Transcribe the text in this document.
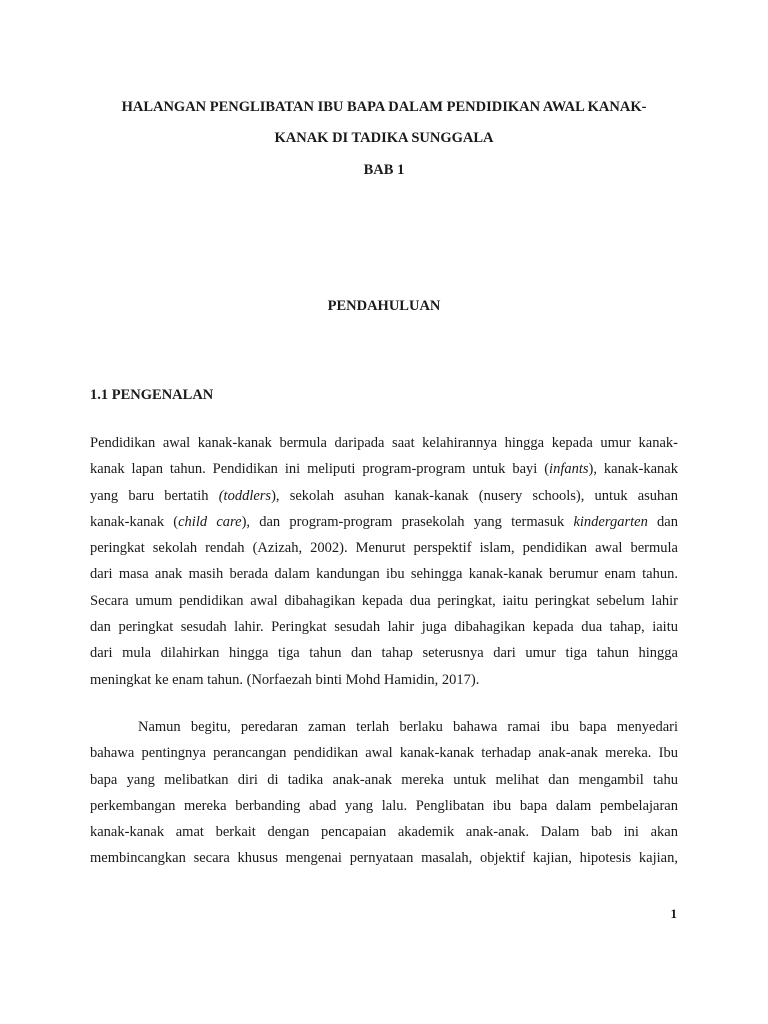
HALANGAN PENGLIBATAN IBU BAPA DALAM PENDIDIKAN AWAL KANAK-
KANAK DI TADIKA SUNGGALA
BAB 1
PENDAHULUAN
1.1 PENGENALAN
Pendidikan awal kanak-kanak bermula daripada saat kelahirannya hingga kepada umur kanak-
kanak lapan tahun. Pendidikan ini meliputi program-program untuk bayi (infants), kanak-kanak
yang baru bertatih (toddlers), sekolah asuhan kanak-kanak (nusery schools), untuk asuhan
kanak-kanak (child care), dan program-program prasekolah yang termasuk kindergarten dan
peringkat sekolah rendah (Azizah, 2002). Menurut perspektif islam, pendidikan awal bermula
dari masa anak masih berada dalam kandungan ibu sehingga kanak-kanak berumur enam tahun.
Secara umum pendidikan awal dibahagikan kepada dua peringkat, iaitu peringkat sebelum lahir
dan peringkat sesudah lahir. Peringkat sesudah lahir juga dibahagikan kepada dua tahap, iaitu
dari mula dilahirkan hingga tiga tahun dan tahap seterusnya dari umur tiga tahun hingga
meningkat ke enam tahun. (Norfaezah binti Mohd Hamidin, 2017).
Namun begitu, peredaran zaman terlah berlaku bahawa ramai ibu bapa menyedari
bahawa pentingnya perancangan pendidikan awal kanak-kanak terhadap anak-anak mereka. Ibu
bapa yang melibatkan diri di tadika anak-anak mereka untuk melihat dan mengambil tahu
perkembangan mereka berbanding abad yang lalu. Penglibatan ibu bapa dalam pembelajaran
kanak-kanak amat berkait dengan pencapaian akademik anak-anak. Dalam bab ini akan
membincangkan secara khusus mengenai pernyataan masalah, objektif kajian, hipotesis kajian,
1
